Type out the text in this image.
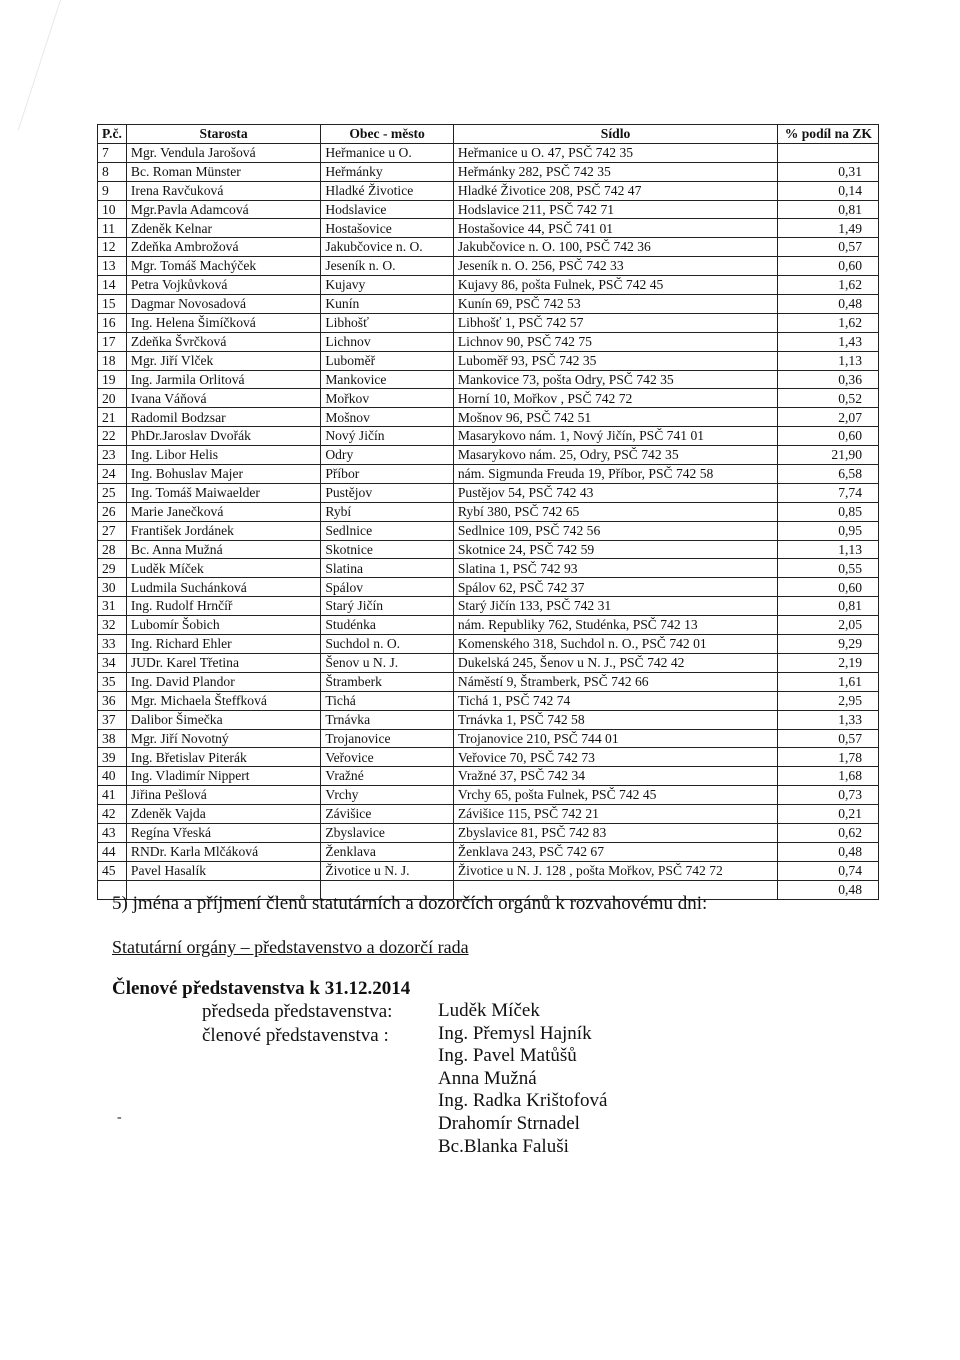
P.č.	Starosta	Obec - město	Sídlo	% podíl na ZK
7	Mgr. Vendula Jarošová	Heřmanice u O.	Heřmanice u O. 47, PSČ 742 35	
8	Bc. Roman Münster	Heřmánky	Heřmánky 282, PSČ 742 35	0,31
9	Irena Ravčuková	Hladké Životice	Hladké Životice 208, PSČ 742 47	0,14
10	Mgr.Pavla Adamcová	Hodslavice	Hodslavice 211, PSČ 742 71	0,81
11	Zdeněk Kelnar	Hostašovice	Hostašovice 44, PSČ 741 01	1,49
12	Zdeňka Ambrožová	Jakubčovice n. O.	Jakubčovice n. O. 100, PSČ 742 36	0,57
13	Mgr. Tomáš Machýček	Jeseník n. O.	Jeseník n. O. 256, PSČ 742 33	0,60
14	Petra Vojkůvková	Kujavy	Kujavy 86, pošta Fulnek, PSČ 742 45	1,62
15	Dagmar Novosadová	Kunín	Kunín 69, PSČ 742 53	0,48
16	Ing. Helena Šimíčková	Libhošť	Libhošť 1, PSČ 742 57	1,62
17	Zdeňka Švrčková	Lichnov	Lichnov 90, PSČ 742 75	1,43
18	Mgr. Jiří Vlček	Luboměř	Luboměř 93, PSČ 742 35	1,13
19	Ing. Jarmila Orlitová	Mankovice	Mankovice 73, pošta Odry, PSČ 742 35	0,36
20	Ivana Váňová	Mořkov	Horní 10, Mořkov , PSČ 742 72	0,52
21	Radomil Bodzsar	Mošnov	Mošnov 96, PSČ 742 51	2,07
22	PhDr.Jaroslav Dvořák	Nový Jičín	Masarykovo nám. 1, Nový Jičín, PSČ 741 01	0,60
23	Ing. Libor Helis	Odry	Masarykovo nám. 25, Odry, PSČ 742 35	21,90
24	Ing. Bohuslav Majer	Příbor	nám. Sigmunda Freuda 19, Příbor, PSČ 742 58	6,58
25	Ing. Tomáš Maiwaelder	Pustějov	Pustějov 54, PSČ 742 43	7,74
26	Marie Janečková	Rybí	Rybí 380, PSČ 742 65	0,85
27	František Jordánek	Sedlnice	Sedlnice 109, PSČ 742 56	0,95
28	Bc. Anna Mužná	Skotnice	Skotnice 24, PSČ 742 59	1,13
29	Luděk Míček	Slatina	Slatina 1, PSČ 742 93	0,55
30	Ludmila Suchánková	Spálov	Spálov 62, PSČ 742 37	0,60
31	Ing. Rudolf Hrnčíř	Starý Jičín	Starý Jičín 133, PSČ 742 31	0,81
32	Lubomír Šobich	Studénka	nám. Republiky 762, Studénka, PSČ 742 13	2,05
33	Ing. Richard Ehler	Suchdol n. O.	Komenského 318, Suchdol n. O., PSČ 742 01	9,29
34	JUDr. Karel Třetina	Šenov u N. J.	Dukelská 245, Šenov u N. J., PSČ 742 42	2,19
35	Ing. David Plandor	Štramberk	Náměstí 9, Štramberk, PSČ 742 66	1,61
36	Mgr. Michaela Šteffková	Tichá	Tichá 1, PSČ 742 74	2,95
37	Dalibor Šimečka	Trnávka	Trnávka 1, PSČ 742 58	1,33
38	Mgr. Jiří Novotný	Trojanovice	Trojanovice 210, PSČ 744 01	0,57
39	Ing. Břetislav Piterák	Veřovice	Veřovice 70, PSČ 742 73	1,78
40	Ing. Vladimír Nippert	Vražné	Vražné 37, PSČ 742 34	1,68
41	Jiřina Pešlová	Vrchy	Vrchy 65, pošta Fulnek, PSČ 742 45	0,73
42	Zdeněk Vajda	Závišice	Závišice 115, PSČ 742 21	0,21
43	Regína Vřeská	Zbyslavice	Zbyslavice 81, PSČ 742 83	0,62
44	RNDr. Karla Mlčáková	Ženklava	Ženklava 243, PSČ 742 67	0,48
45	Pavel Hasalík	Životice u N. J.	Životice u N. J. 128 , pošta Mořkov, PSČ 742 72	0,74
				0,48
5) jména a příjmení členů statutárních a dozorčích orgánů k rozvahovému dni:
Statutární orgány – představenstvo a dozorčí rada
Členové představenstva k 31.12.2014
předseda představenstva:
členové představenstva :
Luděk Míček
Ing. Přemysl Hajník
Ing. Pavel Matůšů
Anna Mužná
Ing. Radka Krištofová
Drahomír Strnadel
Bc.Blanka Faluši
-
